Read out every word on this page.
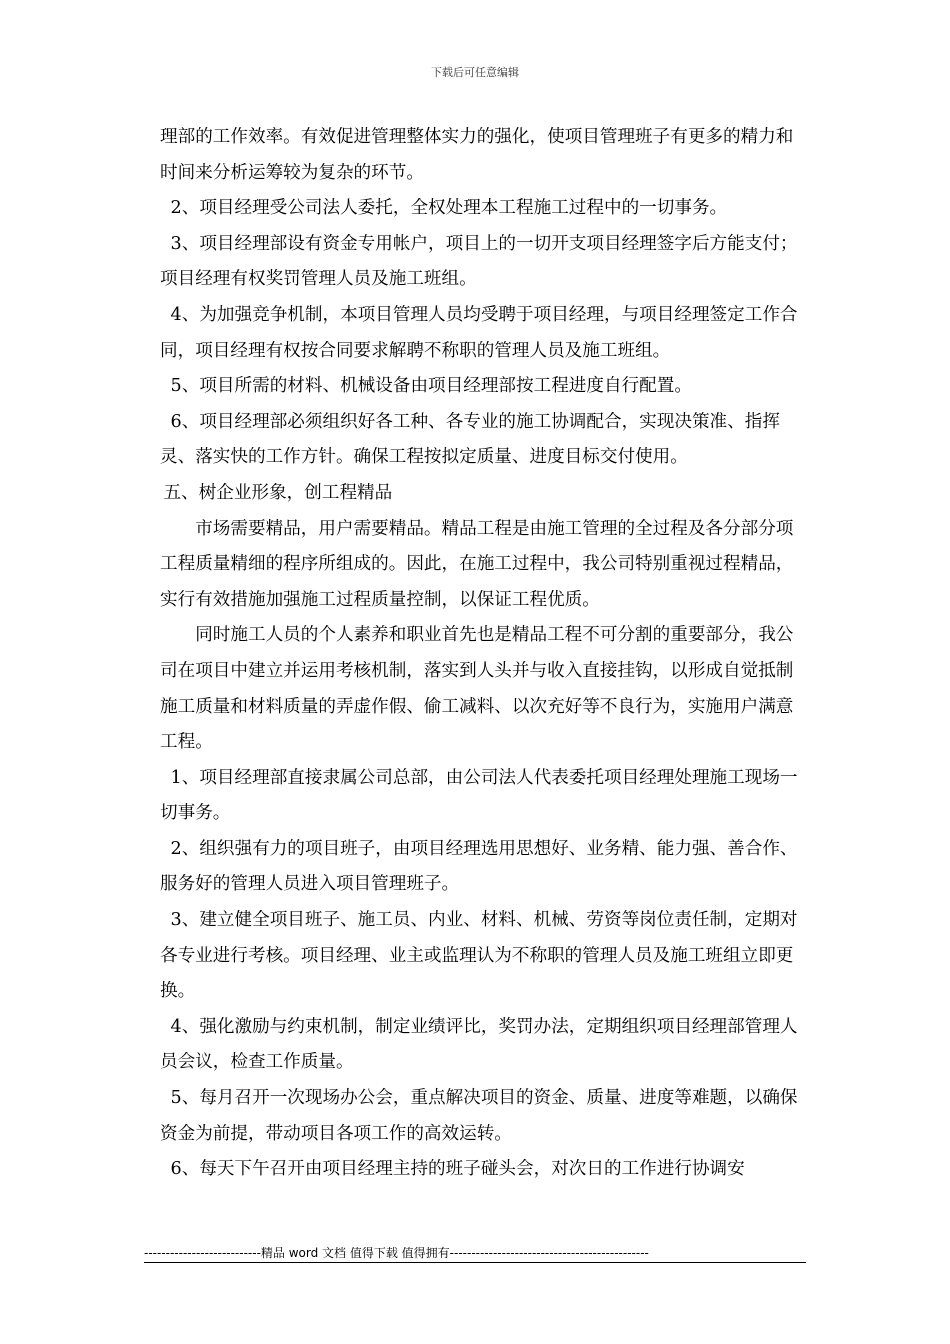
下载后可任意编辑

理部的工作效率。有效促进管理整体实力的强化，使项目管理班子有更多的精力和时间来分析运筹较为复杂的环节。

2、项目经理受公司法人委托，全权处理本工程施工过程中的一切事务。

3、项目经理部设有资金专用帐户，项目上的一切开支项目经理签字后方能支付；项目经理有权奖罚管理人员及施工班组。

4、为加强竞争机制，本项目管理人员均受聘于项目经理，与项目经理签定工作合同，项目经理有权按合同要求解聘不称职的管理人员及施工班组。

5、项目所需的材料、机械设备由项目经理部按工程进度自行配置。

6、项目经理部必须组织好各工种、各专业的施工协调配合，实现决策准、指挥灵、落实快的工作方针。确保工程按拟定质量、进度目标交付使用。

五、树企业形象，创工程精品

市场需要精品，用户需要精品。精品工程是由施工管理的全过程及各分部分项工程质量精细的程序所组成的。因此，在施工过程中，我公司特别重视过程精品，实行有效措施加强施工过程质量控制，以保证工程优质。

同时施工人员的个人素养和职业首先也是精品工程不可分割的重要部分，我公司在项目中建立并运用考核机制，落实到人头并与收入直接挂钩，以形成自觉抵制施工质量和材料质量的弄虚作假、偷工减料、以次充好等不良行为，实施用户满意工程。

1、项目经理部直接隶属公司总部，由公司法人代表委托项目经理处理施工现场一切事务。

2、组织强有力的项目班子，由项目经理选用思想好、业务精、能力强、善合作、服务好的管理人员进入项目管理班子。

3、建立健全项目班子、施工员、内业、材料、机械、劳资等岗位责任制，定期对各专业进行考核。项目经理、业主或监理认为不称职的管理人员及施工班组立即更换。

4、强化激励与约束机制，制定业绩评比，奖罚办法，定期组织项目经理部管理人员会议，检查工作质量。

5、每月召开一次现场办公会，重点解决项目的资金、质量、进度等难题，以确保资金为前提，带动项目各项工作的高效运转。

6、每天下午召开由项目经理主持的班子碰头会，对次日的工作进行协调安

---------------------------精品 word 文档 值得下载 值得拥有----------------------------------------------
